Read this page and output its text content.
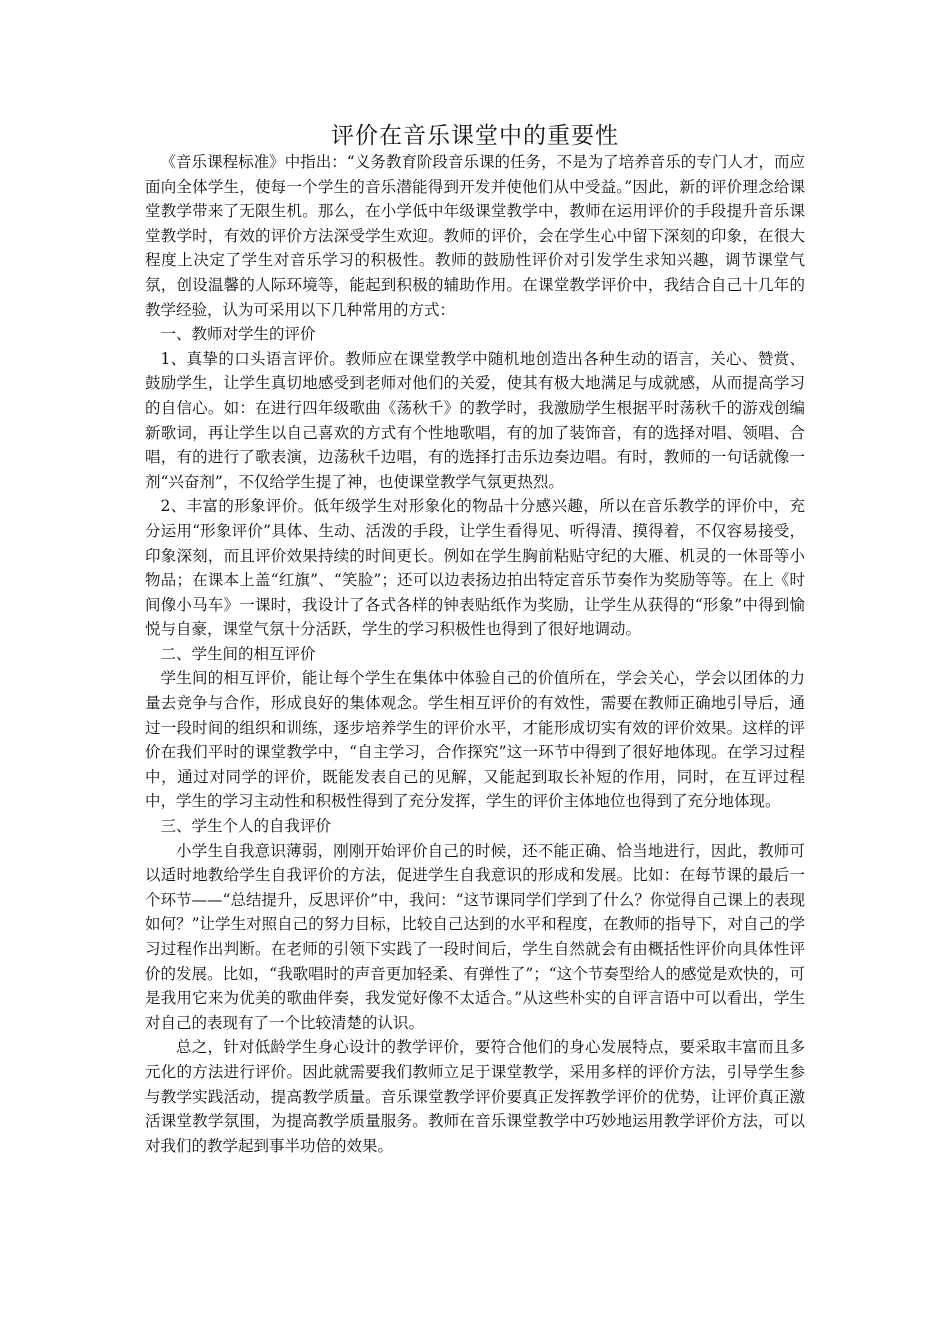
评价在音乐课堂中的重要性

《音乐课程标准》中指出：“义务教育阶段音乐课的任务，不是为了培养音乐的专门人才，而应面向全体学生，使每一个学生的音乐潜能得到开发并使他们从中受益。”因此，新的评价理念给课堂教学带来了无限生机。那么，在小学低中年级课堂教学中，教师在运用评价的手段提升音乐课堂教学时，有效的评价方法深受学生欢迎。教师的评价，会在学生心中留下深刻的印象，在很大程度上决定了学生对音乐学习的积极性。教师的鼓励性评价对引发学生求知兴趣，调节课堂气氛，创设温馨的人际环境等，能起到积极的辅助作用。在课堂教学评价中，我结合自己十几年的教学经验，认为可采用以下几种常用的方式：

一、教师对学生的评价

1、真挚的口头语言评价。教师应在课堂教学中随机地创造出各种生动的语言，关心、赞赏、鼓励学生，让学生真切地感受到老师对他们的关爱，使其有极大地满足与成就感，从而提高学习的自信心。如：在进行四年级歌曲《荡秋千》的教学时，我激励学生根据平时荡秋千的游戏创编新歌词，再让学生以自己喜欢的方式有个性地歌唱，有的加了装饰音，有的选择对唱、领唱、合唱，有的进行了歌表演，边荡秋千边唱，有的选择打击乐边奏边唱。有时，教师的一句话就像一剂“兴奋剂”，不仅给学生提了神，也使课堂教学气氛更热烈。

2、丰富的形象评价。低年级学生对形象化的物品十分感兴趣，所以在音乐教学的评价中，充分运用“形象评价”具体、生动、活泼的手段，让学生看得见、听得清、摸得着，不仅容易接受，印象深刻，而且评价效果持续的时间更长。例如在学生胸前粘贴守纪的大雁、机灵的一休哥等小物品；在课本上盖“红旗”、“笑脸”；还可以边表扬边拍出特定音乐节奏作为奖励等等。在上《时间像小马车》一课时，我设计了各式各样的钟表贴纸作为奖励，让学生从获得的“形象”中得到愉悦与自豪，课堂气氛十分活跃，学生的学习积极性也得到了很好地调动。

二、学生间的相互评价

学生间的相互评价，能让每个学生在集体中体验自己的价值所在，学会关心，学会以团体的力量去竞争与合作，形成良好的集体观念。学生相互评价的有效性，需要在教师正确地引导后，通过一段时间的组织和训练，逐步培养学生的评价水平，才能形成切实有效的评价效果。这样的评价在我们平时的课堂教学中，“自主学习，合作探究”这一环节中得到了很好地体现。在学习过程中，通过对同学的评价，既能发表自己的见解，又能起到取长补短的作用，同时，在互评过程中，学生的学习主动性和积极性得到了充分发挥，学生的评价主体地位也得到了充分地体现。

三、学生个人的自我评价

小学生自我意识薄弱，刚刚开始评价自己的时候，还不能正确、恰当地进行，因此，教师可以适时地教给学生自我评价的方法，促进学生自我意识的形成和发展。比如：在每节课的最后一个环节——“总结提升，反思评价”中，我问：“这节课同学们学到了什么？你觉得自己课上的表现如何？”让学生对照自己的努力目标，比较自己达到的水平和程度，在教师的指导下，对自己的学习过程作出判断。在老师的引领下实践了一段时间后，学生自然就会有由概括性评价向具体性评价的发展。比如，“我歌唱时的声音更加轻柔、有弹性了”；“这个节奏型给人的感觉是欢快的，可是我用它来为优美的歌曲伴奏，我发觉好像不太适合。”从这些朴实的自评言语中可以看出，学生对自己的表现有了一个比较清楚的认识。

总之，针对低龄学生身心设计的教学评价，要符合他们的身心发展特点，要采取丰富而且多元化的方法进行评价。因此就需要我们教师立足于课堂教学，采用多样的评价方法，引导学生参与教学实践活动，提高教学质量。音乐课堂教学评价要真正发挥教学评价的优势，让评价真正激活课堂教学氛围，为提高教学质量服务。教师在音乐课堂教学中巧妙地运用教学评价方法，可以对我们的教学起到事半功倍的效果。
